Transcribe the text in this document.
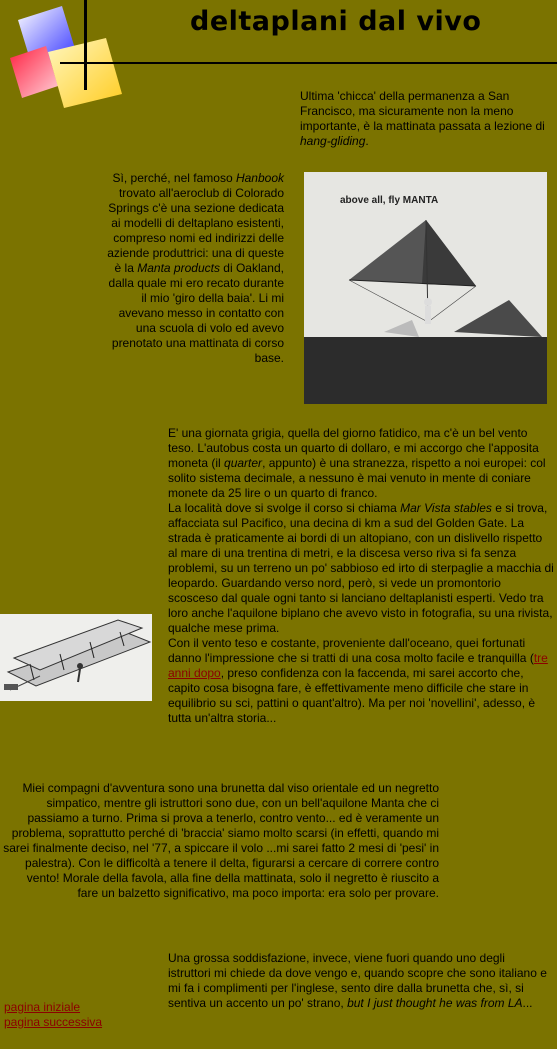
deltaplani dal vivo
Ultima 'chicca' della permanenza a San Francisco, ma sicuramente non la meno importante, è la mattinata passata a lezione di hang-gliding.
Sì, perché, nel famoso Hanbook trovato all'aeroclub di Colorado Springs c'è una sezione dedicata ai modelli di deltaplano esistenti, compreso nomi ed indirizzi delle aziende produttrici: una di queste è la Manta products di Oakland, dalla quale mi ero recato durante il mio 'giro della baia'. Li mi avevano messo in contatto con una scuola di volo ed avevo prenotato una mattinata di corso base.
above all, fly MANTA
E' una giornata grigia, quella del giorno fatidico, ma c'è un bel vento teso. L'autobus costa un quarto di dollaro, e mi accorgo che l'apposita moneta (il quarter, appunto) è una stranezza, rispetto a noi europei: col solito sistema decimale, a nessuno è mai venuto in mente di coniare monete da 25 lire o un quarto di franco.
La località dove si svolge il corso si chiama Mar Vista stables e si trova, affacciata sul Pacifico, una decina di km a sud del Golden Gate. La strada è praticamente ai bordi di un altopiano, con un dislivello rispetto al mare di una trentina di metri, e la discesa verso riva si fa senza problemi, su un terreno un po' sabbioso ed irto di sterpaglie a macchia di leopardo. Guardando verso nord, però, si vede un promontorio scosceso dal quale ogni tanto si lanciano deltaplanisti esperti. Vedo tra loro anche l'aquilone biplano che avevo visto in fotografia, su una rivista, qualche mese prima.
Con il vento teso e costante, proveniente dall'oceano, quei fortunati danno l'impressione che si tratti di una cosa molto facile e tranquilla (tre anni dopo, preso confidenza con la faccenda, mi sarei accorto che, capito cosa bisogna fare, è effettivamente meno difficile che stare in equilibrio su sci, pattini o quant'altro). Ma per noi 'novellini', adesso, è tutta un'altra storia...
Miei compagni d'avventura sono una brunetta dal viso orientale ed un negretto simpatico, mentre gli istruttori sono due, con un bell'aquilone Manta che ci passiamo a turno. Prima si prova a tenerlo, contro vento... ed è veramente un problema, soprattutto perché di 'braccia' siamo molto scarsi (in effetti, quando mi sarei finalmente deciso, nel '77, a spiccare il volo ...mi sarei fatto 2 mesi di 'pesi' in palestra). Con le difficoltà a tenere il delta, figurarsi a cercare di correre contro vento! Morale della favola, alla fine della mattinata, solo il negretto è riuscito a fare un balzetto significativo, ma poco importa: era solo per provare.
Una grossa soddisfazione, invece, viene fuori quando uno degli istruttori mi chiede da dove vengo e, quando scopre che sono italiano e mi fa i complimenti per l'inglese, sento dire dalla brunetta che, sì, si sentiva un accento un po' strano, but I just thought he was from LA...
pagina iniziale
pagina successiva
